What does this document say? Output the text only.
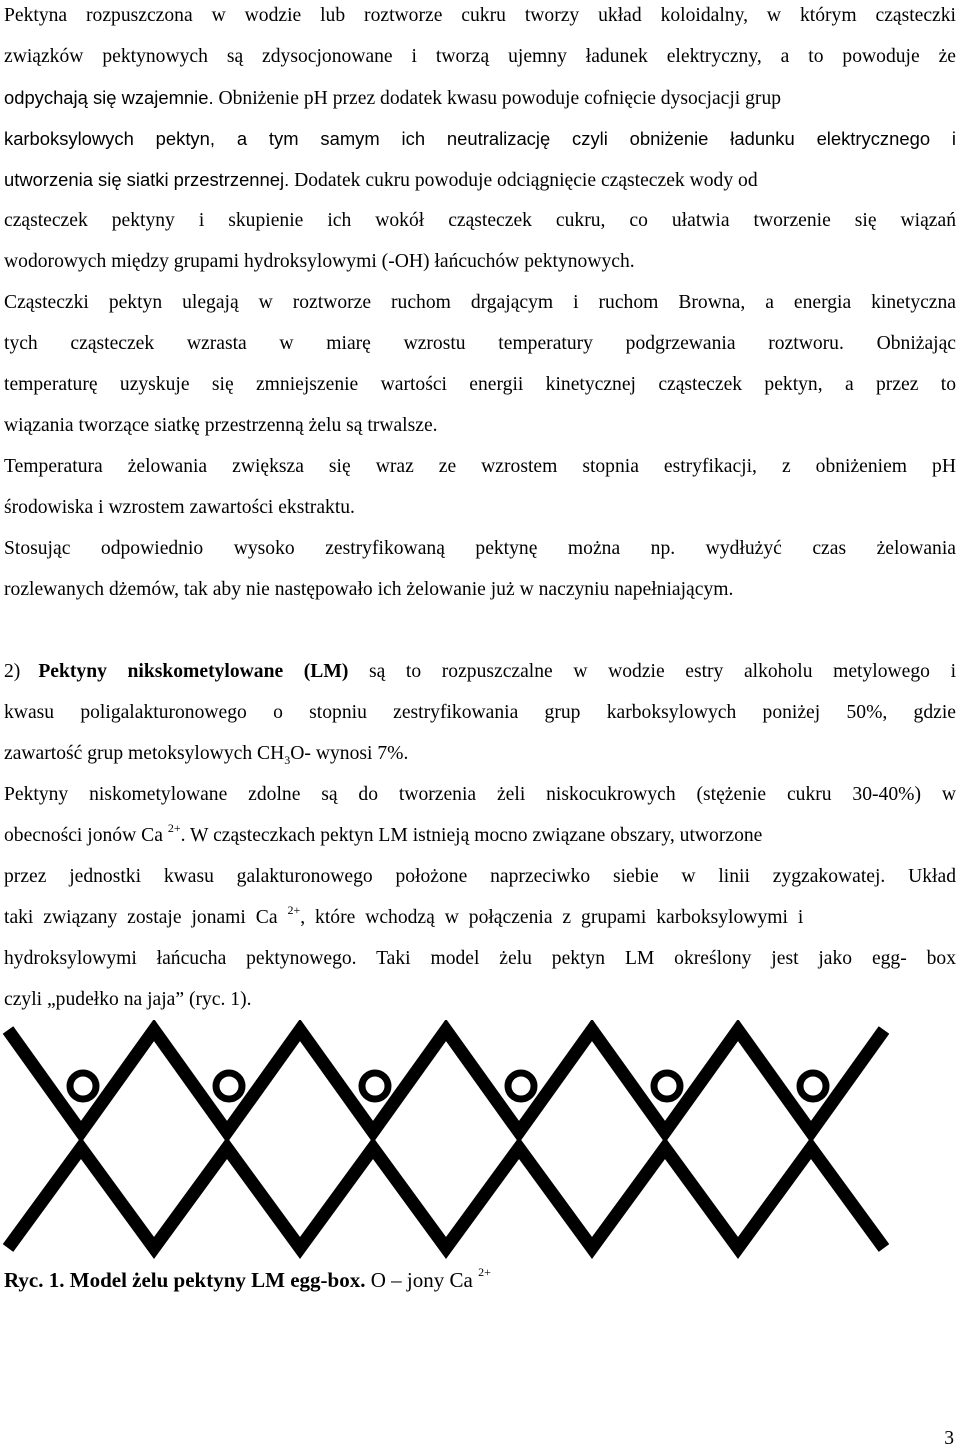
Pektyna rozpuszczona w wodzie lub roztworze cukru tworzy układ koloidalny, w którym cząsteczki
związków pektynowych są zdysocjonowane i tworzą ujemny ładunek elektryczny, a to powoduje że
odpychają się wzajemnie. Obniżenie pH przez dodatek kwasu powoduje cofnięcie dysocjacji grup
karboksylowych pektyn, a tym samym ich neutralizację czyli obniżenie ładunku elektrycznego i
utworzenia się siatki przestrzennej. Dodatek cukru powoduje odciągnięcie cząsteczek wody od
cząsteczek pektyny i skupienie ich wokół cząsteczek cukru, co ułatwia tworzenie się wiązań
wodorowych między grupami hydroksylowymi (-OH) łańcuchów pektynowych.
Cząsteczki pektyn ulegają w roztworze ruchom drgającym i ruchom Browna, a energia kinetyczna
tych cząsteczek wzrasta w miarę wzrostu temperatury podgrzewania roztworu. Obniżając
temperaturę uzyskuje się zmniejszenie wartości energii kinetycznej cząsteczek pektyn, a przez to
wiązania tworzące siatkę przestrzenną żelu są trwalsze.
Temperatura żelowania zwiększa się wraz ze wzrostem stopnia estryfikacji, z obniżeniem pH
środowiska i wzrostem zawartości ekstraktu.
Stosując odpowiednio wysoko zestryfikowaną pektynę można np. wydłużyć czas żelowania
rozlewanych dżemów, tak aby nie następowało ich żelowanie już w naczyniu napełniającym.
2) Pektyny nikskometylowane (LM) są to rozpuszczalne w wodzie estry alkoholu metylowego i
kwasu poligalakturonowego o stopniu zestryfikowania grup karboksylowych poniżej 50%, gdzie
zawartość grup metoksylowych $CH_3O-$ wynosi 7%.
Pektyny niskometylowane zdolne są do tworzenia żeli niskocukrowych (stężenie cukru 30-40%) w
obecności jonów Ca $^{2+}$. W cząsteczkach pektyn LM istnieją mocno związane obszary, utworzone
przez jednostki kwasu galakturonowego położone naprzeciwko siebie w linii zygzakowatej. Układ
taki związany zostaje jonami Ca $^{2+}$, które wchodzą w połączenia z grupami karboksylowymi i
hydroksylowymi łańcucha pektynowego. Taki model żelu pektyn LM określony jest jako egg- box
czyli „pudełko na jaja” (ryc. 1).
Ryc. 1. Model żelu pektyny LM egg-box. O – jony Ca $^{2+}$
3
